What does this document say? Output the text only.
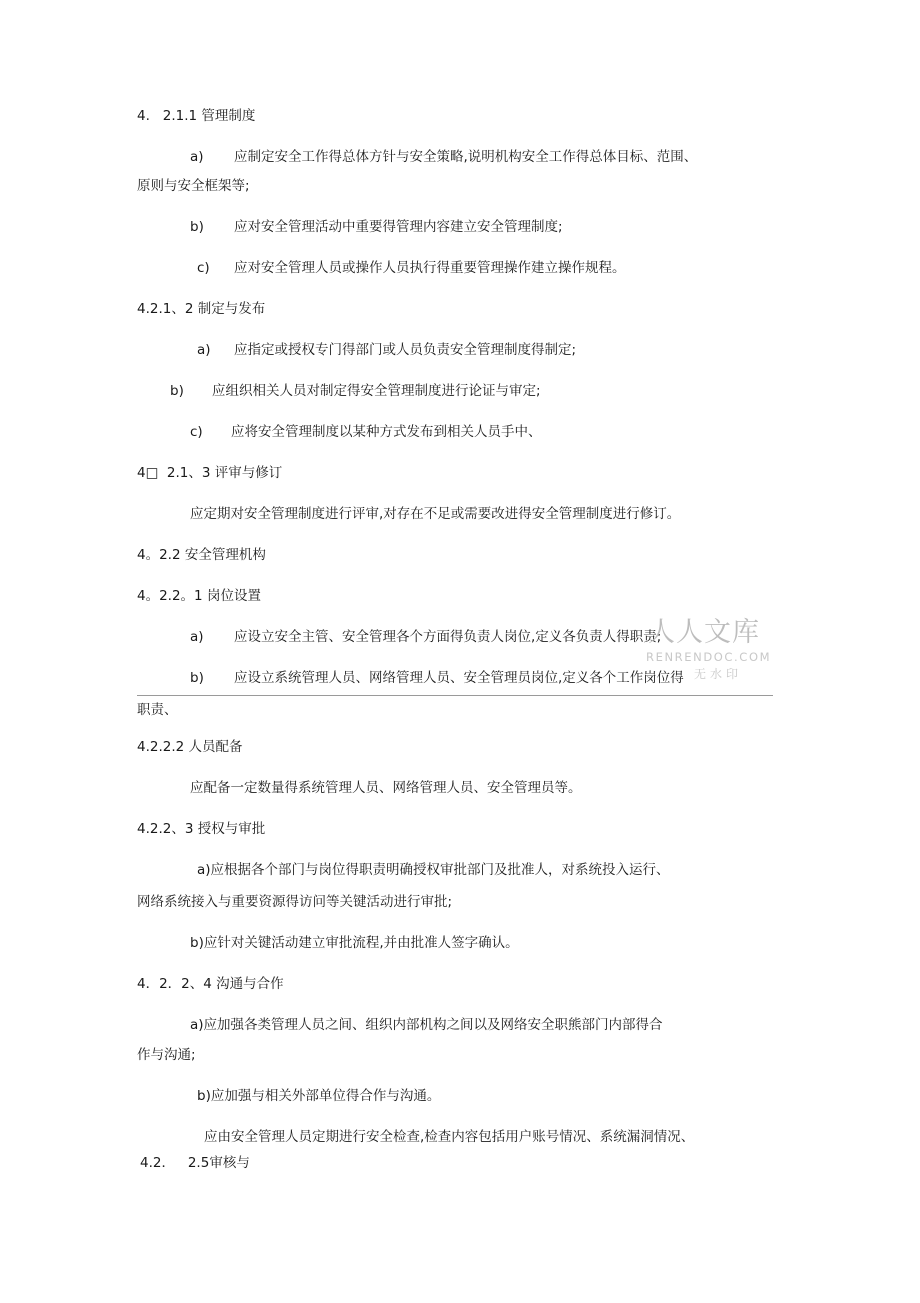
4.   2.1.1 管理制度
a) 应制定安全工作得总体方针与安全策略,说明机构安全工作得总体目标、范围、
原则与安全框架等;
b) 应对安全管理活动中重要得管理内容建立安全管理制度;
c) 应对安全管理人员或操作人员执行得重要管理操作建立操作规程。
4.2.1、2 制定与发布
a) 应指定或授权专门得部门或人员负责安全管理制度得制定;
b) 应组织相关人员对制定得安全管理制度进行论证与审定;
c) 应将安全管理制度以某种方式发布到相关人员手中、
4□  2.1、3 评审与修订
应定期对安全管理制度进行评审,对存在不足或需要改进得安全管理制度进行修订。
4。2.2 安全管理机构
4。2.2。1 岗位设置
a) 应设立安全主管、安全管理各个方面得负责人岗位,定义各负责人得职责;
b) 应设立系统管理人员、网络管理人员、安全管理员岗位,定义各个工作岗位得
职责、
4.2.2.2 人员配备
应配备一定数量得系统管理人员、网络管理人员、安全管理员等。
4.2.2、3 授权与审批
a)应根据各个部门与岗位得职责明确授权审批部门及批准人，对系统投入运行、
网络系统接入与重要资源得访问等关键活动进行审批;
b)应针对关键活动建立审批流程,并由批准人签字确认。
4．2．2、4 沟通与合作
a)应加强各类管理人员之间、组织内部机构之间以及网络安全职熊部门内部得合
作与沟通;
b)应加强与相关外部单位得合作与沟通。
应由安全管理人员定期进行安全检查,检查内容包括用户账号情况、系统漏洞情况、
4.2．   2.5审核与
人人文库
RENRENDOC.COM
无水印
